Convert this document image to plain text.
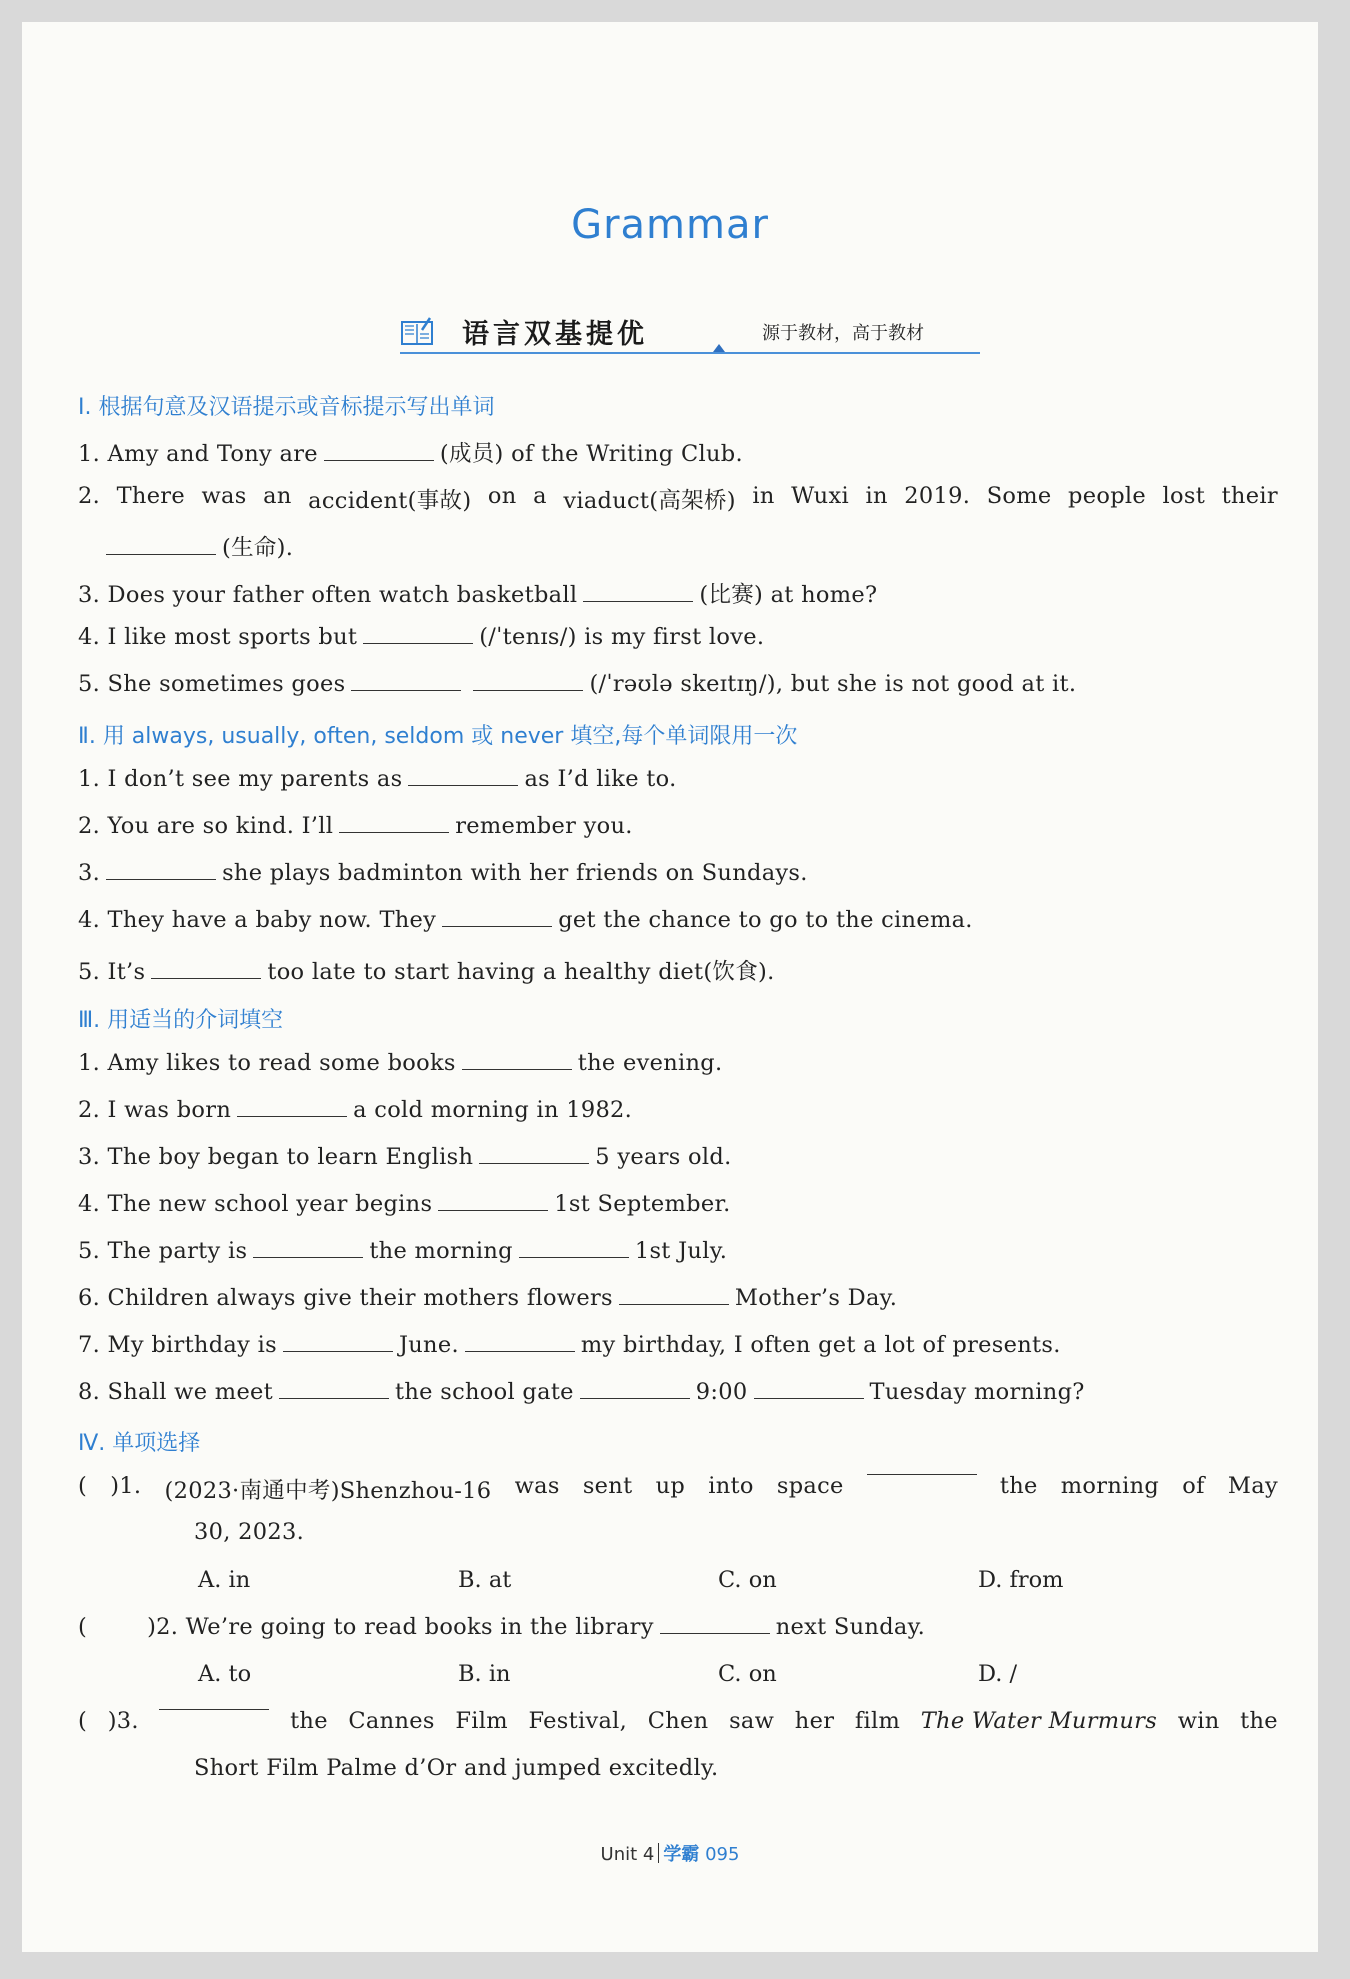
Grammar
语言双基提优	源于教材，高于教材
Ⅰ. 根据句意及汉语提示或音标提示写出单词
1. Amy and Tony are	(成员) of the Writing Club.
2. There was an accident(事故) on a viaduct(高架桥) in Wuxi in 2019. Some people lost their
(生命).
3. Does your father often watch basketball	(比赛) at home?
4. I like most sports but	(/ˈtenɪs/) is my first love.
5. She sometimes goes	(/ˈrəʊlə skeɪtɪŋ/), but she is not good at it.
Ⅱ. 用 always, usually, often, seldom 或 never 填空,每个单词限用一次
1. I don’t see my parents as	as I’d like to.
2. You are so kind. I’ll	remember you.
3.	she plays badminton with her friends on Sundays.
4. They have a baby now. They	get the chance to go to the cinema.
5. It’s	too late to start having a healthy diet(饮食).
Ⅲ. 用适当的介词填空
1. Amy likes to read some books	the evening.
2. I was born	a cold morning in 1982.
3. The boy began to learn English	5 years old.
4. The new school year begins	1st September.
5. The party is	the morning	1st July.
6. Children always give their mothers flowers	Mother’s Day.
7. My birthday is	June.	my birthday, I often get a lot of presents.
8. Shall we meet	the school gate	9:00	Tuesday morning?
Ⅳ. 单项选择
( )1. (2023·南通中考)Shenzhou-16 was sent up into space	the morning of May
30, 2023.
A. in	B. at	C. on	D. from
(	)2. We’re going to read books in the library	next Sunday.
A. to	B. in	C. on	D. /
( )3.	the Cannes Film Festival, Chen saw her film The Water Murmurs win the
Short Film Palme d’Or and jumped excitedly.
Unit 4 学霸 095
